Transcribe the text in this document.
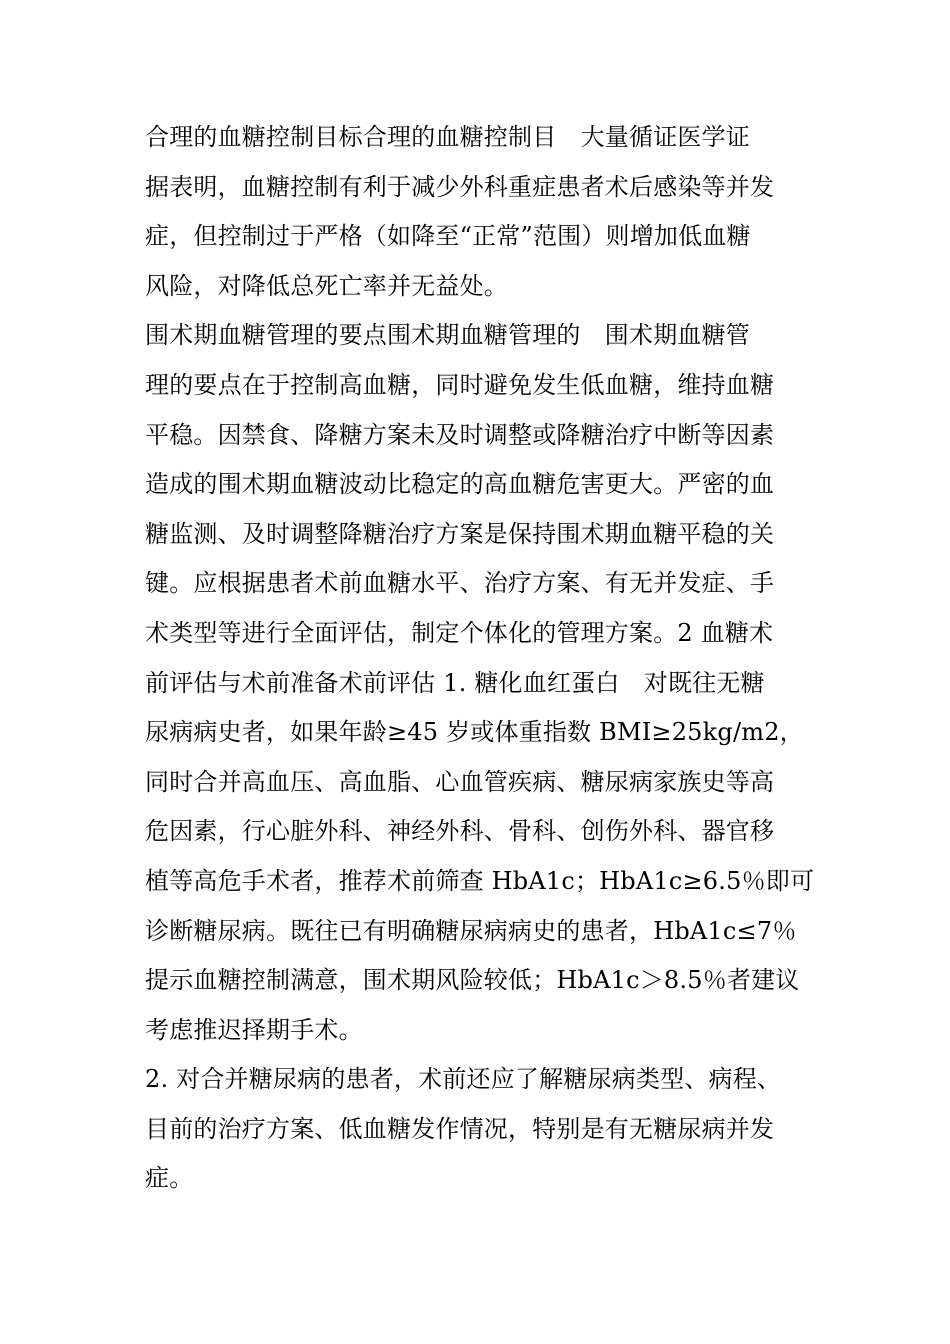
合理的血糖控制目标合理的血糖控制目　大量循证医学证
据表明，血糖控制有利于减少外科重症患者术后感染等并发
症，但控制过于严格（如降至“正常”范围）则增加低血糖
风险，对降低总死亡率并无益处。
围术期血糖管理的要点围术期血糖管理的　围术期血糖管
理的要点在于控制高血糖，同时避免发生低血糖，维持血糖
平稳。因禁食、降糖方案未及时调整或降糖治疗中断等因素
造成的围术期血糖波动比稳定的高血糖危害更大。严密的血
糖监测、及时调整降糖治疗方案是保持围术期血糖平稳的关
键。应根据患者术前血糖水平、治疗方案、有无并发症、手
术类型等进行全面评估，制定个体化的管理方案。2 血糖术
前评估与术前准备术前评估 1. 糖化血红蛋白　对既往无糖
尿病病史者，如果年龄≥45 岁或体重指数 BMI≥25kg/m2，
同时合并高血压、高血脂、心血管疾病、糖尿病家族史等高
危因素，行心脏外科、神经外科、骨科、创伤外科、器官移
植等高危手术者，推荐术前筛查 HbA1c；HbA1c≥6.5％即可
诊断糖尿病。既往已有明确糖尿病病史的患者，HbA1c≤7％
提示血糖控制满意，围术期风险较低；HbA1c＞8.5％者建议
考虑推迟择期手术。
2. 对合并糖尿病的患者，术前还应了解糖尿病类型、病程、
目前的治疗方案、低血糖发作情况，特别是有无糖尿病并发
症。
